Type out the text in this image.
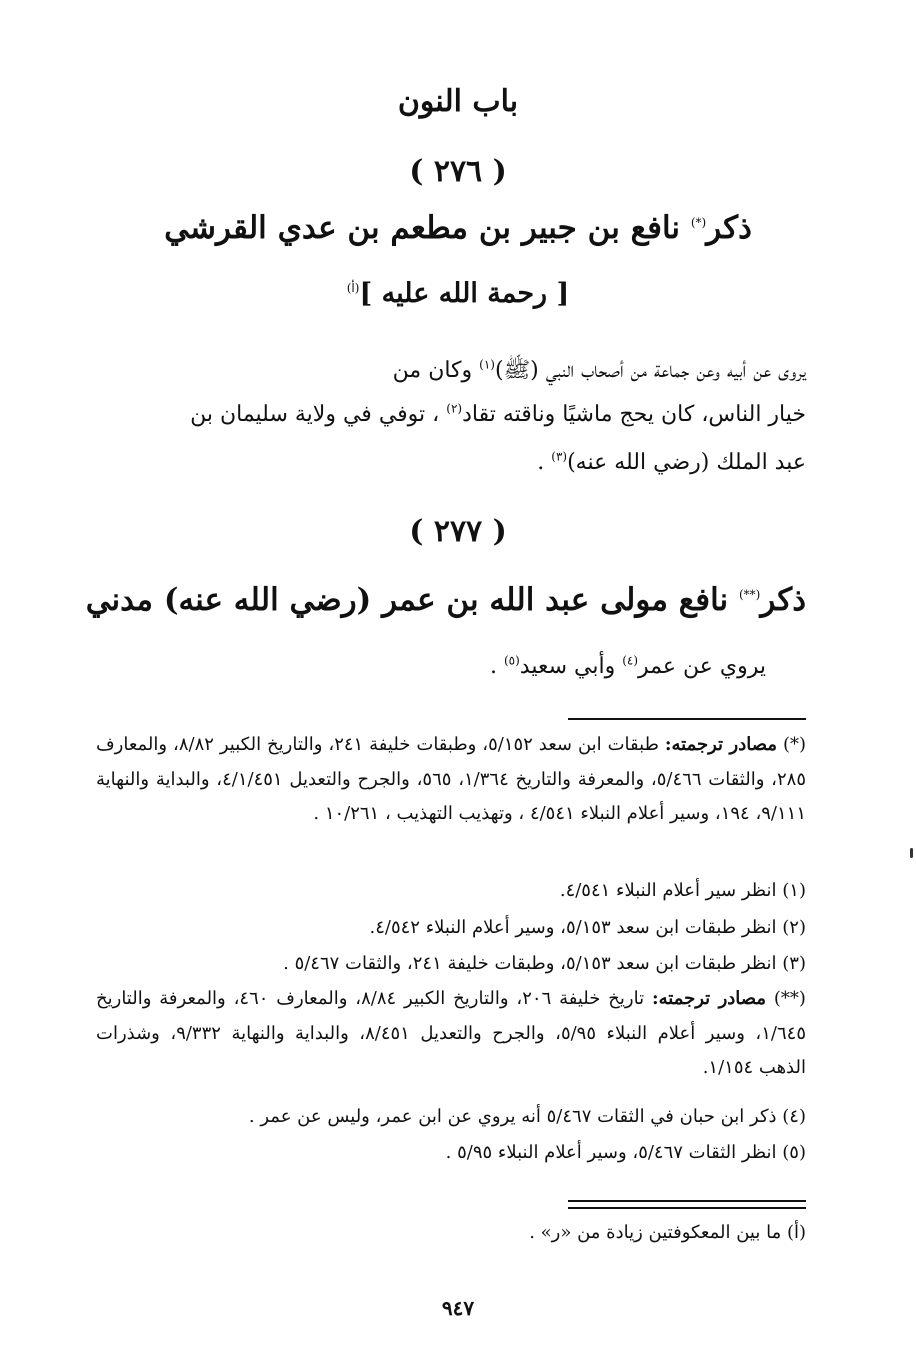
باب النون
( ٢٧٦ )
ذكر(*) نافع بن جبير بن مطعم بن عدي القرشي
[ رحمة الله عليه ]$^{(أ)}$
يروى عن أبيه وعن جماعة من أصحاب النبي (ﷺ)$^{(١)}$ وكان من
خيار الناس، كان يحج ماشيًا وناقته تقاد$^{(٢)}$ ، توفي في ولاية سليمان بن
عبد الملك (رضي الله عنه)$^{(٣)}$ .
( ٢٧٧ )
ذكر(**) نافع مولى عبد الله بن عمر (رضي الله عنه) مدني
يروي عن عمر$^{(٤)}$ وأبي سعيد$^{(٥)}$ .
(*) مصادر ترجمته: طبقات ابن سعد ٥/١٥٢، وطبقات خليفة ٢٤١، والتاريخ الكبير ٨/٨٢، والمعارف ٢٨٥، والثقات ٥/٤٦٦، والمعرفة والتاريخ ١/٣٦٤، ٥٦٥، والجرح والتعديل ٤/١/٤٥١، والبداية والنهاية ٩/١١١، ١٩٤، وسير أعلام النبلاء ٤/٥٤١ ، وتهذيب التهذيب ، ١٠/٢٦١ .
(١) انظر سير أعلام النبلاء ٤/٥٤١.
(٢) انظر طبقات ابن سعد ٥/١٥٣، وسير أعلام النبلاء ٤/٥٤٢.
(٣) انظر طبقات ابن سعد ٥/١٥٣، وطبقات خليفة ٢٤١، والثقات ٥/٤٦٧ .
(**) مصادر ترجمته: تاريخ خليفة ٢٠٦، والتاريخ الكبير ٨/٨٤، والمعارف ٤٦٠، والمعرفة والتاريخ ١/٦٤٥، وسير أعلام النبلاء ٥/٩٥، والجرح والتعديل ٨/٤٥١، والبداية والنهاية ٩/٣٣٢، وشذرات الذهب ١/١٥٤.
(٤) ذكر ابن حبان في الثقات ٥/٤٦٧ أنه يروي عن ابن عمر، وليس عن عمر .
(٥) انظر الثقات ٥/٤٦٧، وسير أعلام النبلاء ٥/٩٥ .
(أ) ما بين المعكوفتين زيادة من «ر» .
٩٤٧
